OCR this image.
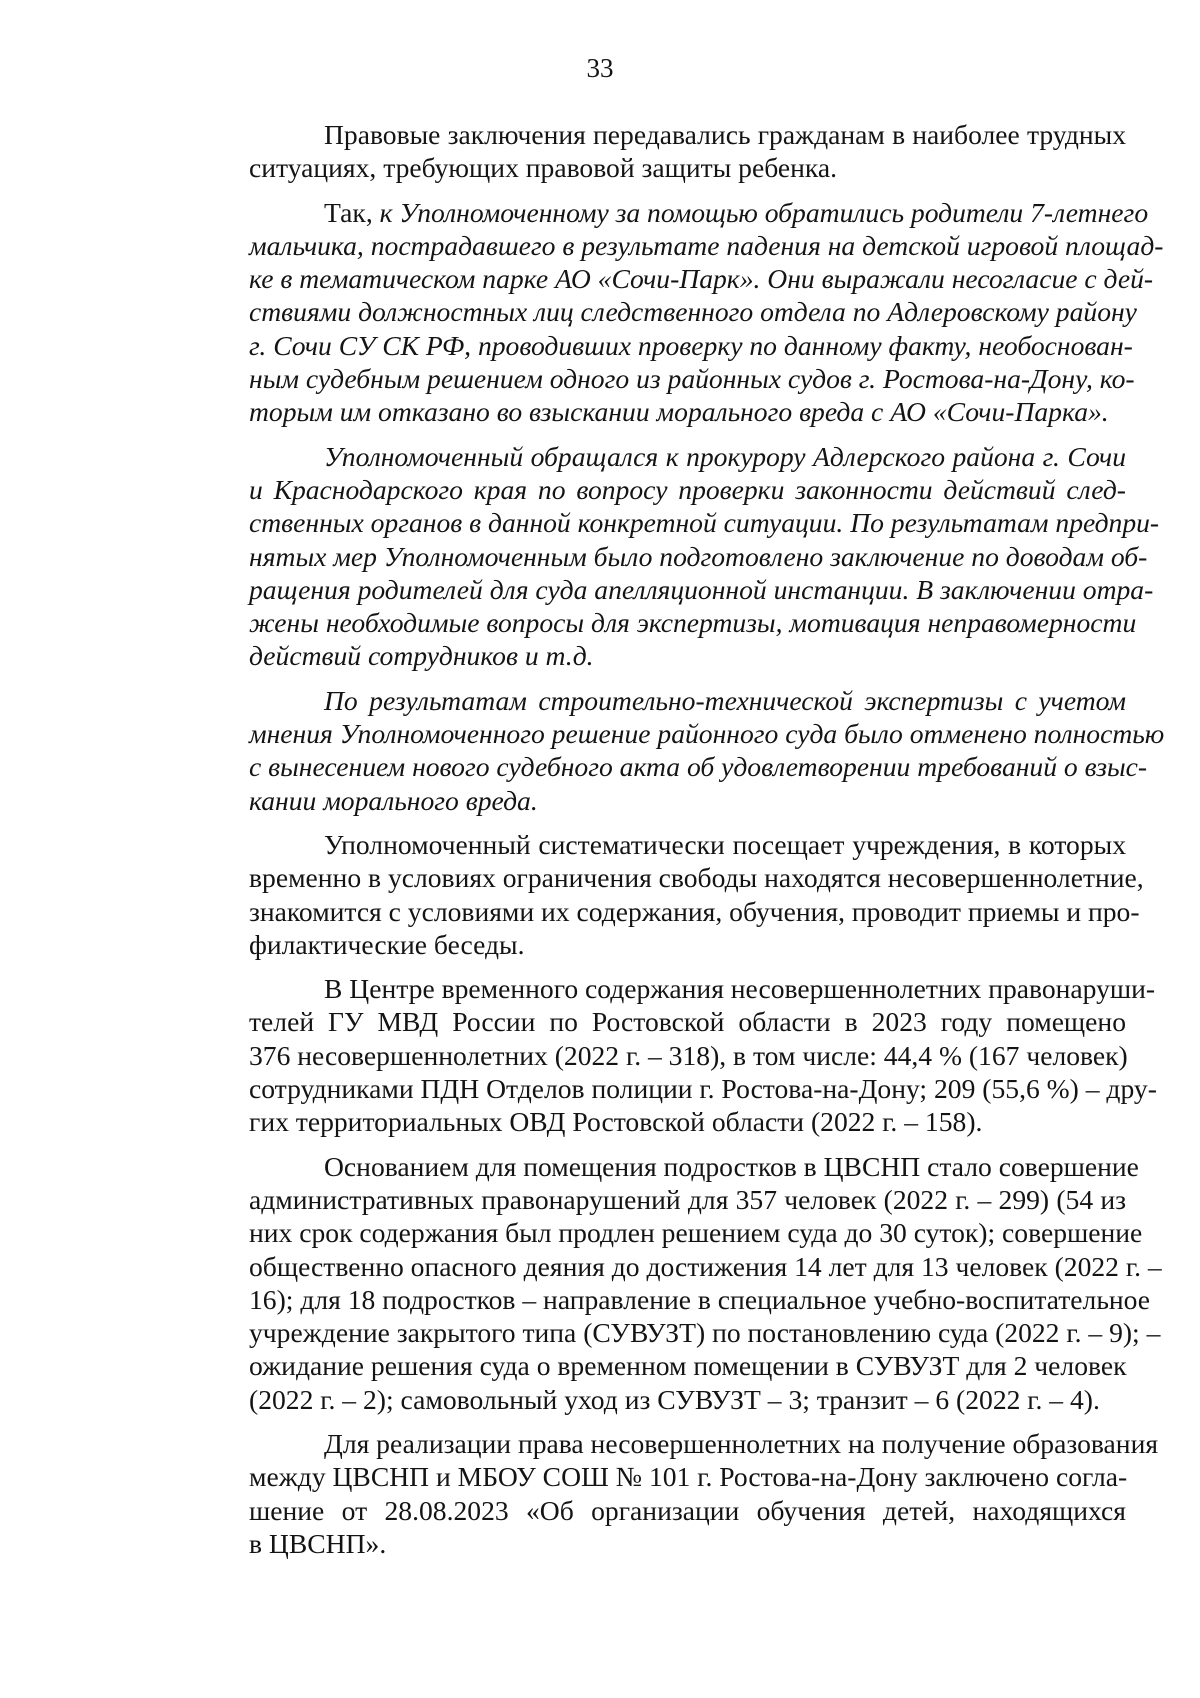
33

Правовые заключения передавались гражданам в наиболее трудных
ситуациях, требующих правовой защиты ребенка.

Так, к Уполномоченному за помощью обратились родители 7-летнего
мальчика, пострадавшего в результате падения на детской игровой площад-
ке в тематическом парке АО «Сочи-Парк». Они выражали несогласие с дей-
ствиями должностных лиц следственного отдела по Адлеровскому району
г. Сочи СУ СК РФ, проводивших проверку по данному факту, необоснован-
ным судебным решением одного из районных судов г. Ростова-на-Дону, ко-
торым им отказано во взыскании морального вреда с АО «Сочи-Парка».

Уполномоченный обращался к прокурору Адлерского района г. Сочи
и Краснодарского края по вопросу проверки законности действий след-
ственных органов в данной конкретной ситуации. По результатам предпри-
нятых мер Уполномоченным было подготовлено заключение по доводам об-
ращения родителей для суда апелляционной инстанции. В заключении отра-
жены необходимые вопросы для экспертизы, мотивация неправомерности
действий сотрудников и т.д.

По результатам строительно-технической экспертизы с учетом
мнения Уполномоченного решение районного суда было отменено полностью
с вынесением нового судебного акта об удовлетворении требований о взыс-
кании морального вреда.

Уполномоченный систематически посещает учреждения, в которых
временно в условиях ограничения свободы находятся несовершеннолетние,
знакомится с условиями их содержания, обучения, проводит приемы и про-
филактические беседы.

В Центре временного содержания несовершеннолетних правонаруши-
телей ГУ МВД России по Ростовской области в 2023 году помещено
376 несовершеннолетних (2022 г. – 318), в том числе: 44,4 % (167 человек)
сотрудниками ПДН Отделов полиции г. Ростова-на-Дону; 209 (55,6 %) – дру-
гих территориальных ОВД Ростовской области (2022 г. – 158).

Основанием для помещения подростков в ЦВСНП стало совершение
административных правонарушений для 357 человек (2022 г. – 299) (54 из
них срок содержания был продлен решением суда до 30 суток); совершение
общественно опасного деяния до достижения 14 лет для 13 человек (2022 г. –
16); для 18 подростков – направление в специальное учебно-воспитательное
учреждение закрытого типа (СУВУЗТ) по постановлению суда (2022 г. – 9); –
ожидание решения суда о временном помещении в СУВУЗТ для 2 человек
(2022 г. – 2); самовольный уход из СУВУЗТ – 3; транзит – 6 (2022 г. – 4).

Для реализации права несовершеннолетних на получение образования
между ЦВСНП и МБОУ СОШ № 101 г. Ростова-на-Дону заключено согла-
шение от 28.08.2023 «Об организации обучения детей, находящихся
в ЦВСНП».
